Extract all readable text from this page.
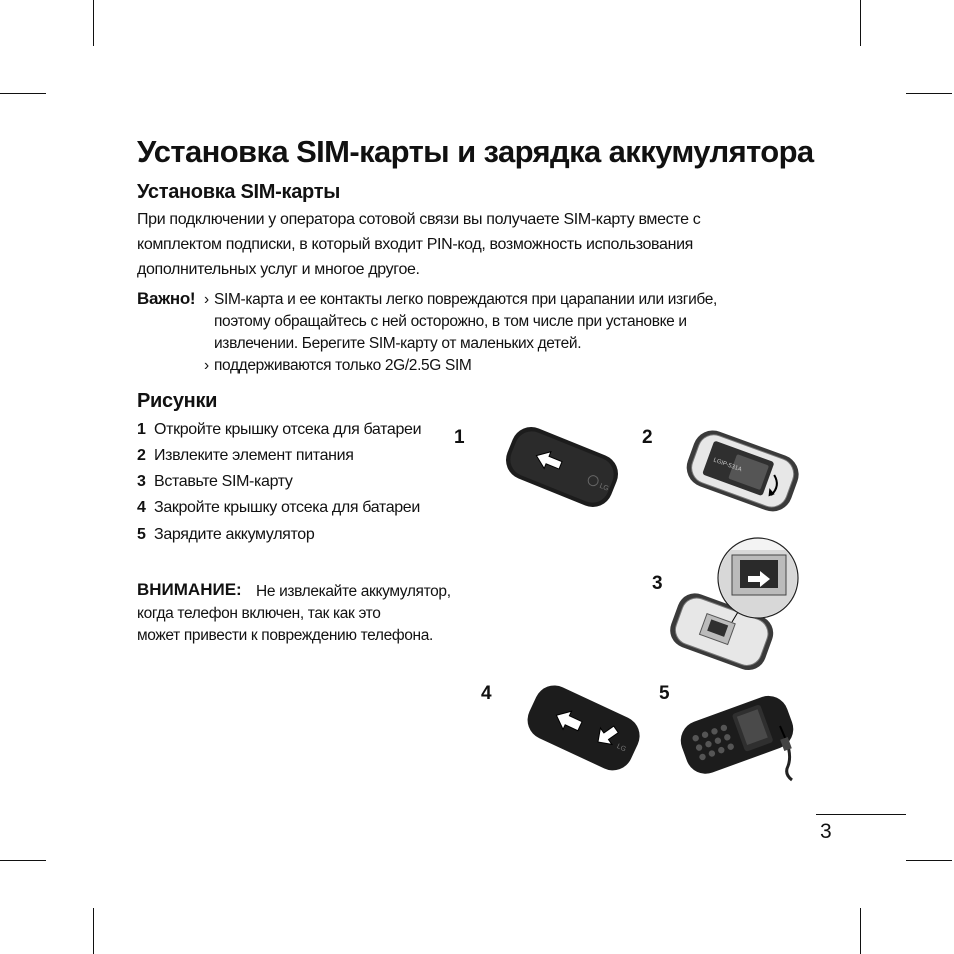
Установка SIM-карты и зарядка аккумулятора
Установка SIM-карты
При подключении у оператора сотовой связи вы получаете SIM-карту вместе с
комплектом подписки, в который входит PIN-код, возможность использования
дополнительных услуг и многое другое.
Важно! › SIM-карта и ее контакты легко повреждаются при царапании или изгибе,
поэтому обращайтесь с ней осторожно, в том числе при установке и
извлечении. Берегите SIM-карту от маленьких детей.
› поддерживаются только 2G/2.5G SIM
Рисунки
1 Откройте крышку отсека для батареи
2 Извлеките элемент питания
3 Вставьте SIM-карту
4 Закройте крышку отсека для батареи
5 Зарядите аккумулятор
ВНИМАНИЕ: Не извлекайте аккумулятор,
когда телефон включен, так как это
может привести к повреждению телефона.
1	2
3
4	5
LG
LGIP-531A
LG
3
